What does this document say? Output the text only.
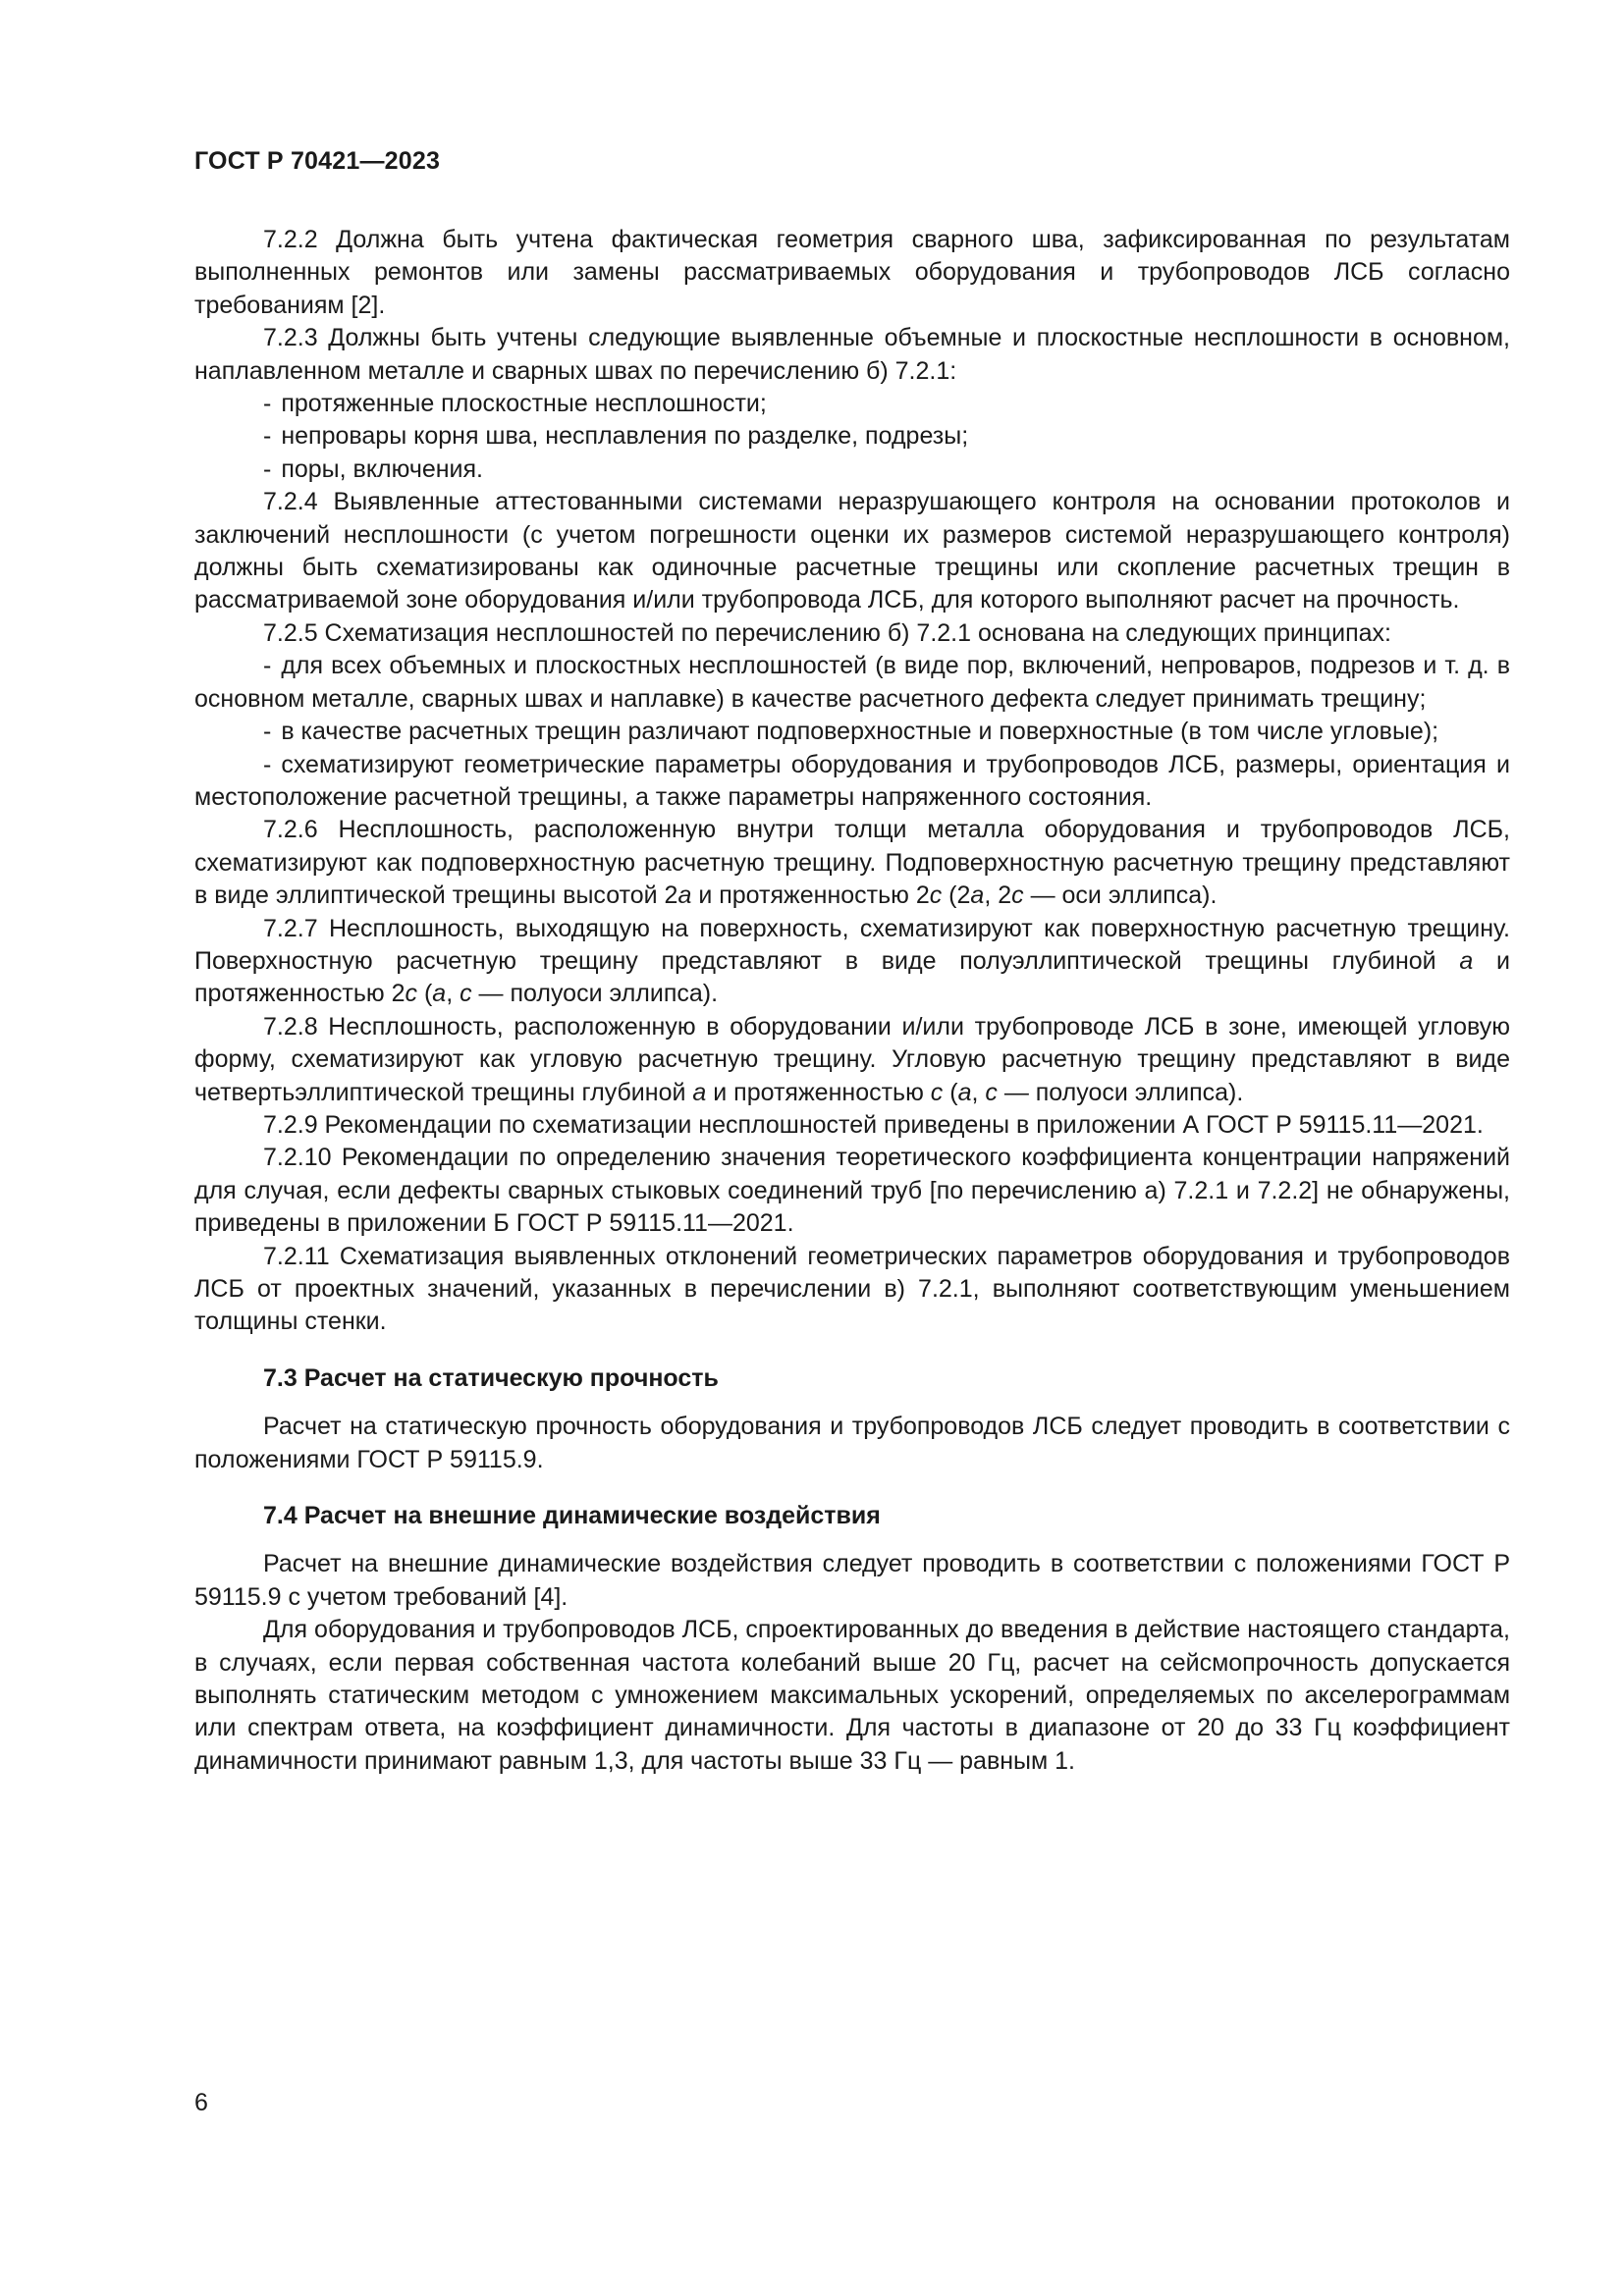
ГОСТ Р 70421—2023

7.2.2 Должна быть учтена фактическая геометрия сварного шва, зафиксированная по результатам выполненных ремонтов или замены рассматриваемых оборудования и трубопроводов ЛСБ согласно требованиям [2].

7.2.3 Должны быть учтены следующие выявленные объемные и плоскостные несплошности в основном, наплавленном металле и сварных швах по перечислению б) 7.2.1:

- протяженные плоскостные несплошности;

- непровары корня шва, несплавления по разделке, подрезы;

- поры, включения.

7.2.4 Выявленные аттестованными системами неразрушающего контроля на основании протоколов и заключений несплошности (с учетом погрешности оценки их размеров системой неразрушающего контроля) должны быть схематизированы как одиночные расчетные трещины или скопление расчетных трещин в рассматриваемой зоне оборудования и/или трубопровода ЛСБ, для которого выполняют расчет на прочность.

7.2.5 Схематизация несплошностей по перечислению б) 7.2.1 основана на следующих принципах:

- для всех объемных и плоскостных несплошностей (в виде пор, включений, непроваров, подрезов и т. д. в основном металле, сварных швах и наплавке) в качестве расчетного дефекта следует принимать трещину;

- в качестве расчетных трещин различают подповерхностные и поверхностные (в том числе угловые);

- схематизируют геометрические параметры оборудования и трубопроводов ЛСБ, размеры, ориентация и местоположение расчетной трещины, а также параметры напряженного состояния.

7.2.6 Несплошность, расположенную внутри толщи металла оборудования и трубопроводов ЛСБ, схематизируют как подповерхностную расчетную трещину. Подповерхностную расчетную трещину представляют в виде эллиптической трещины высотой 2a и протяженностью 2c (2a, 2c — оси эллипса).

7.2.7 Несплошность, выходящую на поверхность, схематизируют как поверхностную расчетную трещину. Поверхностную расчетную трещину представляют в виде полуэллиптической трещины глубиной a и протяженностью 2c (a, c — полуоси эллипса).

7.2.8 Несплошность, расположенную в оборудовании и/или трубопроводе ЛСБ в зоне, имеющей угловую форму, схематизируют как угловую расчетную трещину. Угловую расчетную трещину представляют в виде четвертьэллиптической трещины глубиной a и протяженностью c (a, c — полуоси эллипса).

7.2.9 Рекомендации по схематизации несплошностей приведены в приложении А ГОСТ Р 59115.11—2021.

7.2.10 Рекомендации по определению значения теоретического коэффициента концентрации напряжений для случая, если дефекты сварных стыковых соединений труб [по перечислению а) 7.2.1 и 7.2.2] не обнаружены, приведены в приложении Б ГОСТ Р 59115.11—2021.

7.2.11 Схематизация выявленных отклонений геометрических параметров оборудования и трубопроводов ЛСБ от проектных значений, указанных в перечислении в) 7.2.1, выполняют соответствующим уменьшением толщины стенки.

7.3 Расчет на статическую прочность

Расчет на статическую прочность оборудования и трубопроводов ЛСБ следует проводить в соответствии с положениями ГОСТ Р 59115.9.

7.4 Расчет на внешние динамические воздействия

Расчет на внешние динамические воздействия следует проводить в соответствии с положениями ГОСТ Р 59115.9 с учетом требований [4].

Для оборудования и трубопроводов ЛСБ, спроектированных до введения в действие настоящего стандарта, в случаях, если первая собственная частота колебаний выше 20 Гц, расчет на сейсмопрочность допускается выполнять статическим методом с умножением максимальных ускорений, определяемых по акселерограммам или спектрам ответа, на коэффициент динамичности. Для частоты в диапазоне от 20 до 33 Гц коэффициент динамичности принимают равным 1,3, для частоты выше 33 Гц — равным 1.

6
